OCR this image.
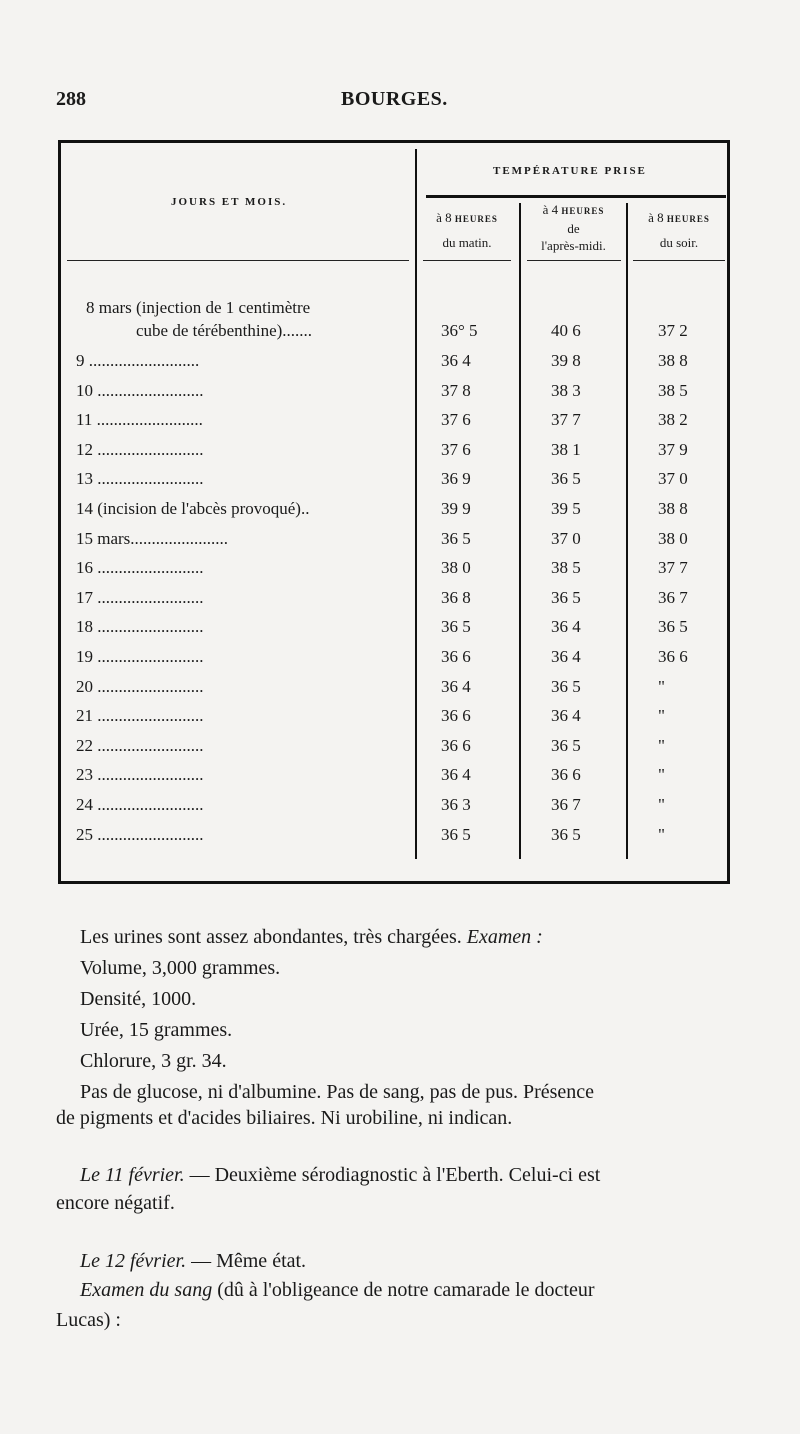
288	BOURGES.
JOURS ET MOIS.
TEMPÉRATURE PRISE
à 8 HEURES
du matin.
à 4 HEURES
de
l'après-midi.
à 8 HEURES
du soir.
8 mars (injection de 1 centimètre
cube de térébenthine).......	36° 5	40 6	37 2
9 ..........................	36 4	39 8	38 8
10 .........................	37 8	38 3	38 5
11 .........................	37 6	37 7	38 2
12 .........................	37 6	38 1	37 9
13 .........................	36 9	36 5	37 0
14 (incision de l'abcès provoqué)..	39 9	39 5	38 8
15 mars.......................	36 5	37 0	38 0
16 .........................	38 0	38 5	37 7
17 .........................	36 8	36 5	36 7
18 .........................	36 5	36 4	36 5
19 .........................	36 6	36 4	36 6
20 .........................	36 4	36 5	"
21 .........................	36 6	36 4	"
22 .........................	36 6	36 5	"
23 .........................	36 4	36 6	"
24 .........................	36 3	36 7	"
25 .........................	36 5	36 5	"
Les urines sont assez abondantes, très chargées. Examen :
Volume, 3,000 grammes.
Densité, 1000.
Urée, 15 grammes.
Chlorure, 3 gr. 34.
Pas de glucose, ni d'albumine. Pas de sang, pas de pus. Présence
de pigments et d'acides biliaires. Ni urobiline, ni indican.
Le 11 février. — Deuxième sérodiagnostic à l'Eberth. Celui-ci est
encore négatif.
Le 12 février. — Même état.
Examen du sang (dû à l'obligeance de notre camarade le docteur
Lucas) :
